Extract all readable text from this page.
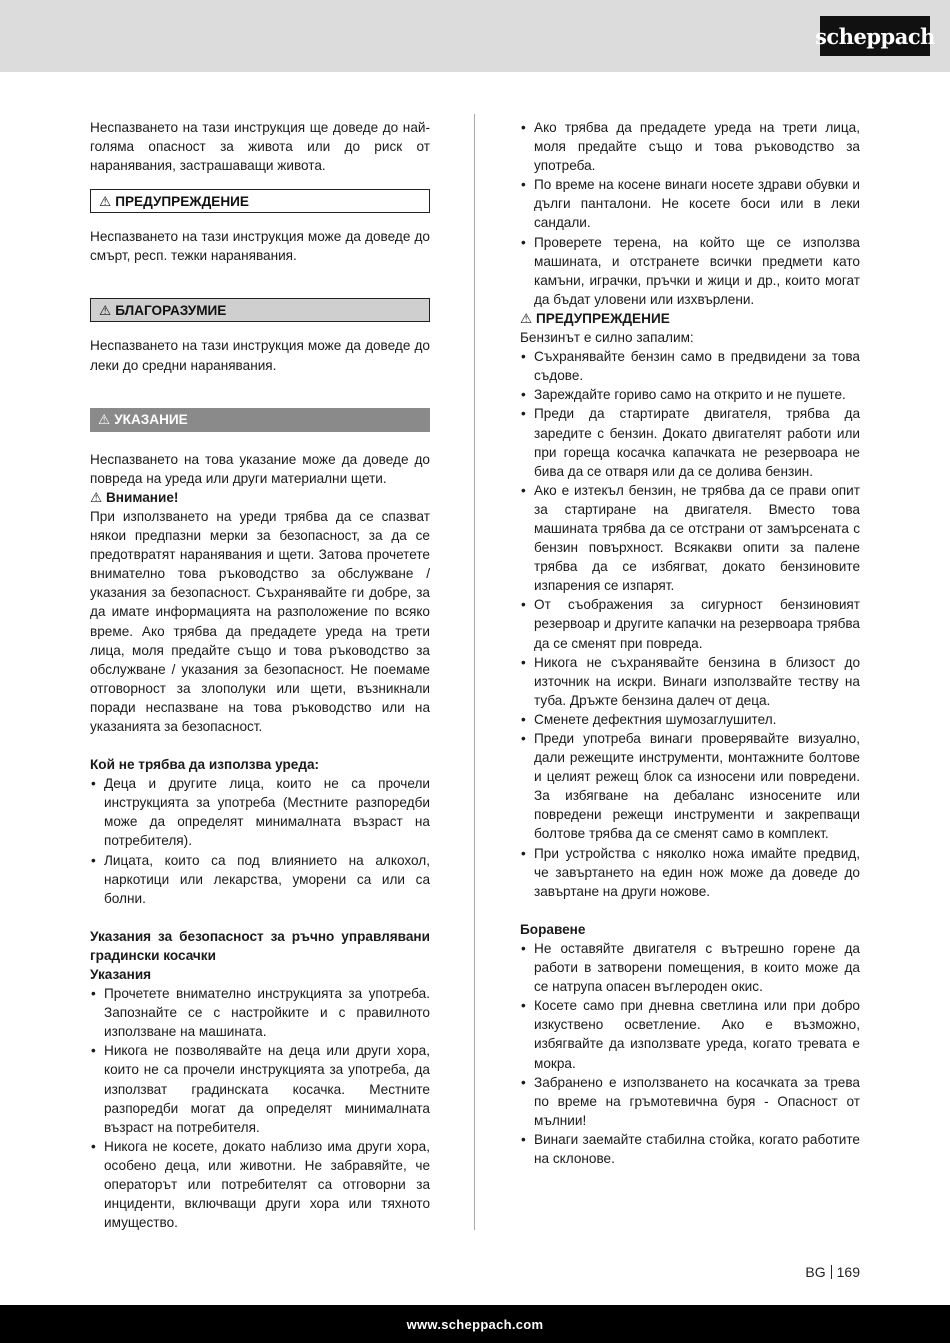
scheppach

Неспазването на тази инструкция ще доведе до най-голяма опасност за живота или до риск от наранявания, застрашаващи живота.

⚠ ПРЕДУПРЕЖДЕНИЕ

Неспазването на тази инструкция може да доведе до смърт, респ. тежки наранявания.

⚠ БЛАГОРАЗУМИЕ

Неспазването на тази инструкция може да доведе до леки до средни наранявания.

⚠ УКАЗАНИЕ

Неспазването на това указание може да доведе до повреда на уреда или други материални щети.

⚠ Внимание!

При използването на уреди трябва да се спазват някои предпазни мерки за безопасност, за да се предотвратят наранявания и щети. Затова прочетете внимателно това ръководство за обслужване / указания за безопасност. Съхранявайте ги добре, за да имате информацията на разположение по всяко време. Ако трябва да предадете уреда на трети лица, моля предайте също и това ръководство за обслужване / указания за безопасност. Не поемаме отговорност за злополуки или щети, възникнали поради неспазване на това ръководство или на указанията за безопасност.

Кой не трябва да използва уреда:

• Деца и другите лица, които не са прочели инструкцията за употреба (Местните разпоредби може да определят минималната възраст на потребителя).
• Лицата, които са под влиянието на алкохол, наркотици или лекарства, уморени са или са болни.

Указания за безопасност за ръчно управлявани градински косачки

Указания

• Прочетете внимателно инструкцията за употреба. Запознайте се с настройките и с правилното използване на машината.
• Никога не позволявайте на деца или други хора, които не са прочели инструкцията за употреба, да използват градинската косачка. Местните разпоредби могат да определят минималната възраст на потребителя.
• Никога не косете, докато наблизо има други хора, особено деца, или животни. Не забравяйте, че операторът или потребителят са отговорни за инциденти, включващи други хора или тяхното имущество.
• Ако трябва да предадете уреда на трети лица, моля предайте също и това ръководство за употреба.
• По време на косене винаги носете здрави обувки и дълги панталони. Не косете боси или в леки сандали.
• Проверете терена, на който ще се използва машината, и отстранете всички предмети като камъни, играчки, пръчки и жици и др., които могат да бъдат уловени или изхвърлени.

⚠ ПРЕДУПРЕЖДЕНИЕ

Бензинът е силно запалим:

• Съхранявайте бензин само в предвидени за това съдове.
• Зареждайте гориво само на открито и не пушете.
• Преди да стартирате двигателя, трябва да заредите с бензин. Докато двигателят работи или при гореща косачка капачката не резервоара не бива да се отваря или да се долива бензин.
• Ако е изтекъл бензин, не трябва да се прави опит за стартиране на двигателя. Вместо това машината трябва да се отстрани от замърсената с бензин повърхност. Всякакви опити за палене трябва да се избягват, докато бензиновите изпарения се изпарят.
• От съображения за сигурност бензиновият резервоар и другите капачки на резервоара трябва да се сменят при повреда.
• Никога не съхранявайте бензина в близост до източник на искри. Винаги използвайте теству на туба. Дръжте бензина далеч от деца.
• Сменете дефектния шумозаглушител.
• Преди употреба винаги проверявайте визуално, дали режещите инструменти, монтажните болтове и целият режещ блок са износени или повредени. За избягване на дебаланс износените или повредени режещи инструменти и закрепващи болтове трябва да се сменят само в комплект.
• При устройства с няколко ножа имайте предвид, че завъртането на един нож може да доведе до завъртане на други ножове.

Боравене

• Не оставяйте двигателя с вътрешно горене да работи в затворени помещения, в които може да се натрупа опасен въглероден окис.
• Косете само при дневна светлина или при добро изкуствено осветление. Ако е възможно, избягвайте да използвате уреда, когато тревата е мокра.
• Забранено е използването на косачката за трева по време на гръмотевична буря - Опасност от мълнии!
• Винаги заемайте стабилна стойка, когато работите на склонове.
BG 169
www.scheppach.com
